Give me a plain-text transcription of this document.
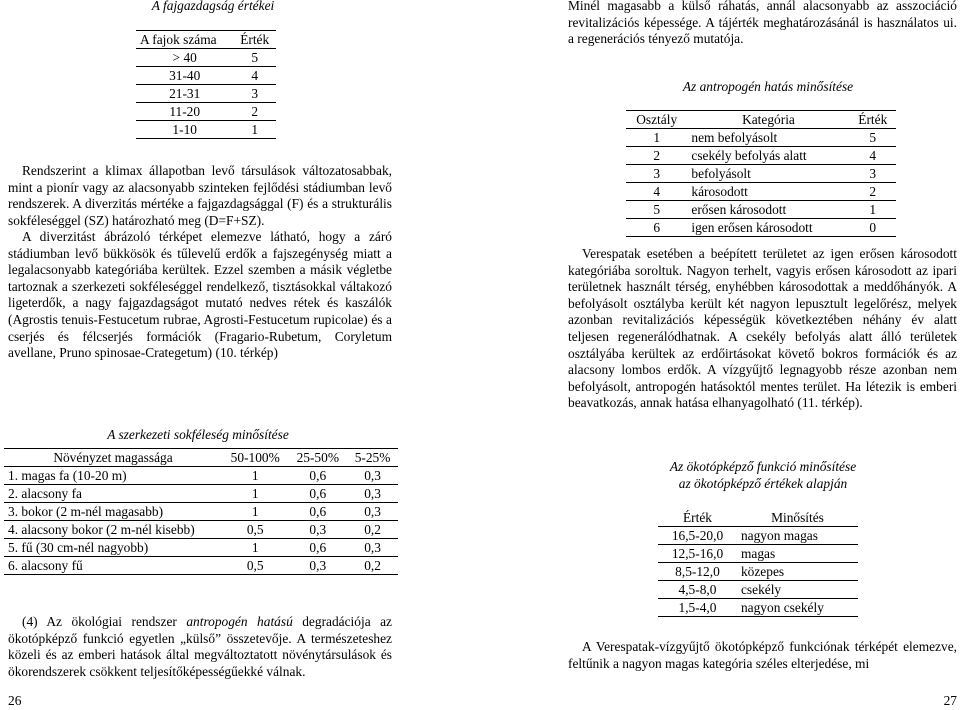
A fajgazdagság értékei
A fajok száma	Érték
> 40	5
31-40	4
21-31	3
11-20	2
1-10	1

Rendszerint a klimax állapotban levő társulások változatosabbak, mint a pionír vagy az alacsonyabb szinteken fejlődési stádiumban levő rendszerek. A diverzitás mértéke a fajgazdagsággal (F) és a strukturális sokféleséggel (SZ) határozható meg (D=F+SZ).

A diverzitást ábrázoló térképet elemezve látható, hogy a záró stádiumban levő bükkösök és tűlevelű erdők a fajszegénység miatt a legalacsonyabb kategóriába kerültek. Ezzel szemben a másik végletbe tartoznak a szerkezeti sokféleséggel rendelkező, tisztásokkal váltakozó ligeterdők, a nagy fajgazdagságot mutató nedves rétek és kaszálók (Agrostis tenuis-Festucetum rubrae, Agrosti-Festucetum rupicolae) és a cserjés és félcserjés formációk (Fragario-Rubetum, Coryletum avellane, Pruno spinosae-Crategetum) (10. térkép)

A szerkezeti sokféleség minősítése
Növényzet magassága	50-100%	25-50%	5-25%
1. magas fa (10-20 m)	1	0,6	0,3
2. alacsony fa	1	0,6	0,3
3. bokor (2 m-nél magasabb)	1	0,6	0,3
4. alacsony bokor (2 m-nél kisebb)	0,5	0,3	0,2
5. fű (30 cm-nél nagyobb)	1	0,6	0,3
6. alacsony fű	0,5	0,3	0,2

(4) Az ökológiai rendszer antropogén hatású degradációja az ökotópképző funkció egyetlen „külső” összetevője. A természeteshez közeli és az emberi hatások által megváltoztatott növénytársulások és ökorendszerek csökkent teljesítőképességűekké válnak.

26

Minél magasabb a külső ráhatás, annál alacsonyabb az asszociáció revitalizációs képessége. A tájérték meghatározásánál is használatos ui. a regenerációs tényező mutatója.

Az antropogén hatás minősítése
Osztály	Kategória	Érték
1	nem befolyásolt	5
2	csekély befolyás alatt	4
3	befolyásolt	3
4	károsodott	2
5	erősen károsodott	1
6	igen erősen károsodott	0

Verespatak esetében a beépített területet az igen erősen károsodott kategóriába soroltuk. Nagyon terhelt, vagyis erősen károsodott az ipari területnek használt térség, enyhébben károsodottak a meddőhányók. A befolyásolt osztályba került két nagyon lepusztult legelőrész, melyek azonban revitalizációs képességük következtében néhány év alatt teljesen regenerálódhatnak. A csekély befolyás alatt álló területek osztályába kerültek az erdőirtásokat követő bokros formációk és az alacsony lombos erdők. A vízgyűjtő legnagyobb része azonban nem befolyásolt, antropogén hatásoktól mentes terület. Ha létezik is emberi beavatkozás, annak hatása elhanyagolható (11. térkép).

Az ökotópképző funkció minősítése
az ökotópképző értékek alapján
Érték	Minősítés
16,5-20,0	nagyon magas
12,5-16,0	magas
8,5-12,0	közepes
4,5-8,0	csekély
1,5-4,0	nagyon csekély

A Verespatak-vízgyűjtő ökotópképző funkciónak térképét elemezve, feltűnik a nagyon magas kategória széles elterjedése, mi

27
